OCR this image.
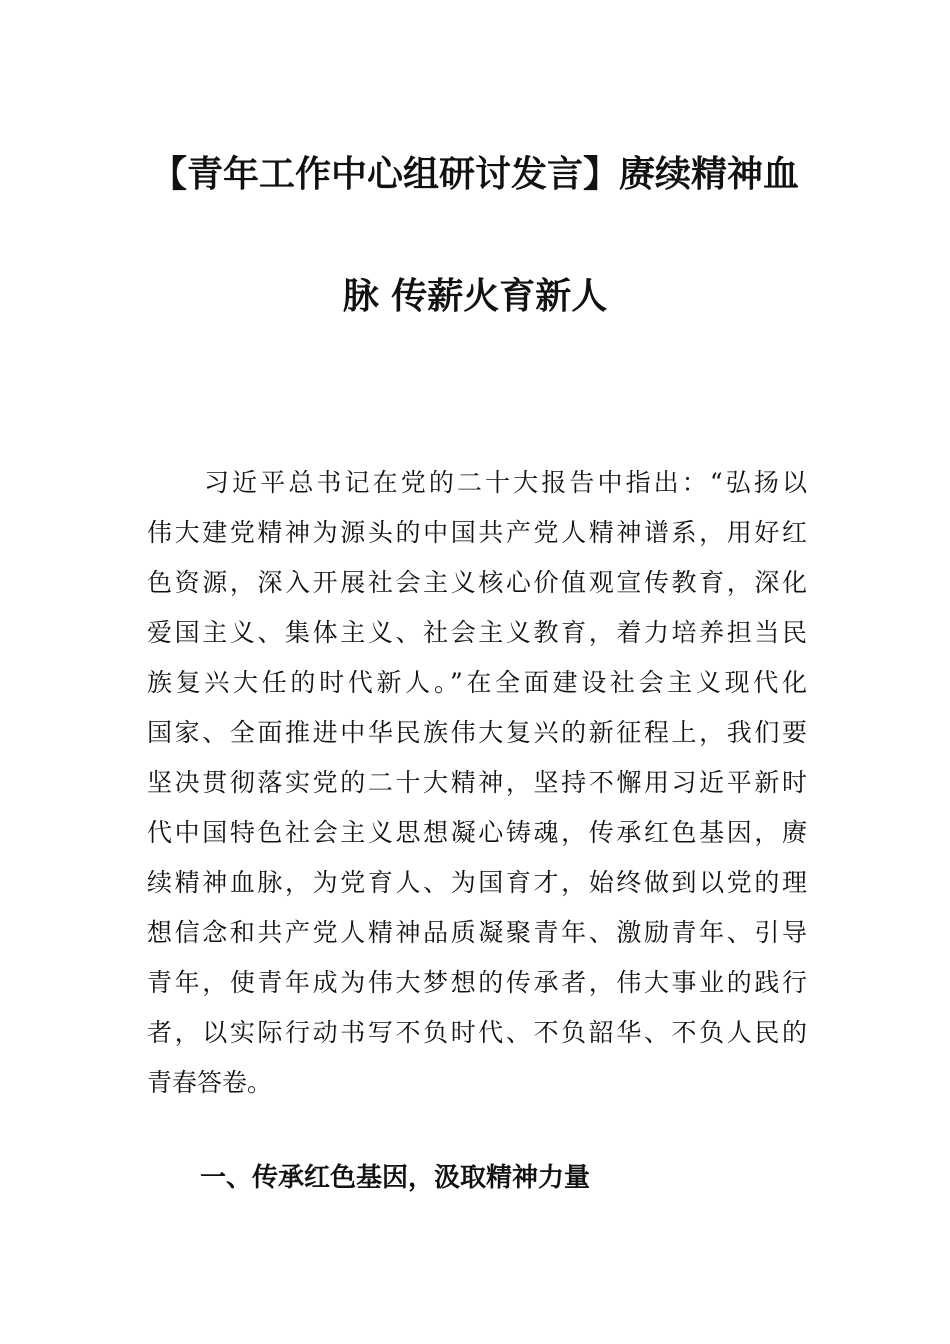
【青年工作中心组研讨发言】赓续精神血
脉 传薪火育新人
习近平总书记在党的二十大报告中指出：“弘扬以
伟大建党精神为源头的中国共产党人精神谱系，用好红
色资源，深入开展社会主义核心价值观宣传教育，深化
爱国主义、集体主义、社会主义教育，着力培养担当民
族复兴大任的时代新人。”在全面建设社会主义现代化
国家、全面推进中华民族伟大复兴的新征程上，我们要
坚决贯彻落实党的二十大精神，坚持不懈用习近平新时
代中国特色社会主义思想凝心铸魂，传承红色基因，赓
续精神血脉，为党育人、为国育才，始终做到以党的理
想信念和共产党人精神品质凝聚青年、激励青年、引导
青年，使青年成为伟大梦想的传承者，伟大事业的践行
者，以实际行动书写不负时代、不负韶华、不负人民的
青春答卷。
一、传承红色基因，汲取精神力量
